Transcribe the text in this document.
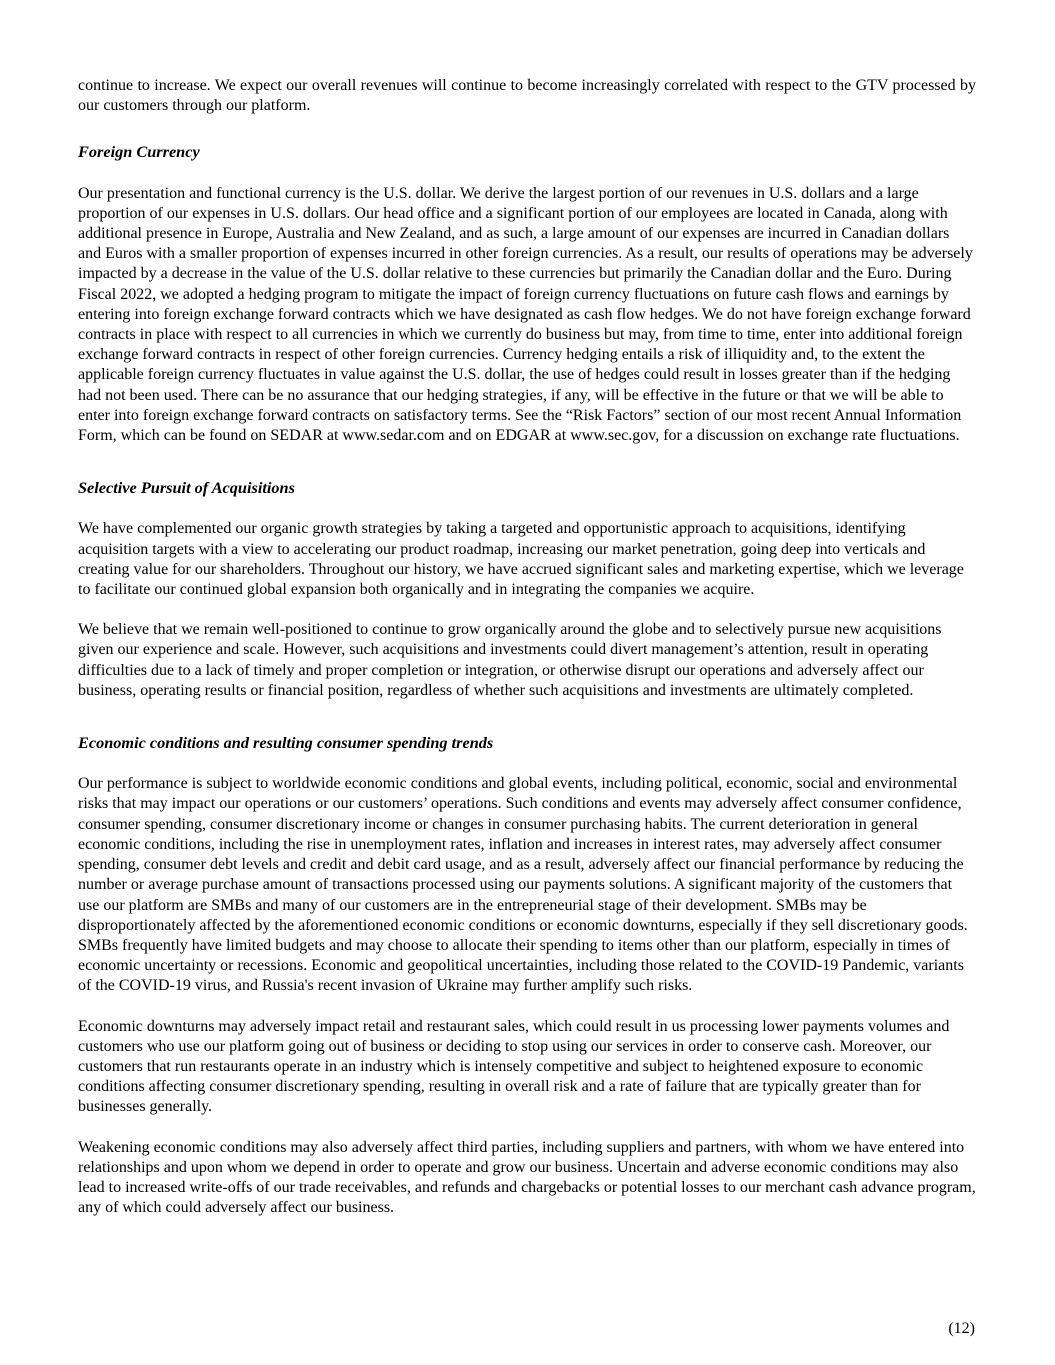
continue to increase. We expect our overall revenues will continue to become increasingly correlated with respect to the GTV processed by our customers through our platform.

Foreign Currency

Our presentation and functional currency is the U.S. dollar. We derive the largest portion of our revenues in U.S. dollars and a large proportion of our expenses in U.S. dollars. Our head office and a significant portion of our employees are located in Canada, along with additional presence in Europe, Australia and New Zealand, and as such, a large amount of our expenses are incurred in Canadian dollars and Euros with a smaller proportion of expenses incurred in other foreign currencies. As a result, our results of operations may be adversely impacted by a decrease in the value of the U.S. dollar relative to these currencies but primarily the Canadian dollar and the Euro. During Fiscal 2022, we adopted a hedging program to mitigate the impact of foreign currency fluctuations on future cash flows and earnings by entering into foreign exchange forward contracts which we have designated as cash flow hedges. We do not have foreign exchange forward contracts in place with respect to all currencies in which we currently do business but may, from time to time, enter into additional foreign exchange forward contracts in respect of other foreign currencies. Currency hedging entails a risk of illiquidity and, to the extent the applicable foreign currency fluctuates in value against the U.S. dollar, the use of hedges could result in losses greater than if the hedging had not been used. There can be no assurance that our hedging strategies, if any, will be effective in the future or that we will be able to enter into foreign exchange forward contracts on satisfactory terms. See the “Risk Factors” section of our most recent Annual Information Form, which can be found on SEDAR at www.sedar.com and on EDGAR at www.sec.gov, for a discussion on exchange rate fluctuations.

Selective Pursuit of Acquisitions

We have complemented our organic growth strategies by taking a targeted and opportunistic approach to acquisitions, identifying acquisition targets with a view to accelerating our product roadmap, increasing our market penetration, going deep into verticals and creating value for our shareholders. Throughout our history, we have accrued significant sales and marketing expertise, which we leverage to facilitate our continued global expansion both organically and in integrating the companies we acquire.

We believe that we remain well-positioned to continue to grow organically around the globe and to selectively pursue new acquisitions given our experience and scale. However, such acquisitions and investments could divert management’s attention, result in operating difficulties due to a lack of timely and proper completion or integration, or otherwise disrupt our operations and adversely affect our business, operating results or financial position, regardless of whether such acquisitions and investments are ultimately completed.

Economic conditions and resulting consumer spending trends

Our performance is subject to worldwide economic conditions and global events, including political, economic, social and environmental risks that may impact our operations or our customers’ operations. Such conditions and events may adversely affect consumer confidence, consumer spending, consumer discretionary income or changes in consumer purchasing habits. The current deterioration in general economic conditions, including the rise in unemployment rates, inflation and increases in interest rates, may adversely affect consumer spending, consumer debt levels and credit and debit card usage, and as a result, adversely affect our financial performance by reducing the number or average purchase amount of transactions processed using our payments solutions. A significant majority of the customers that use our platform are SMBs and many of our customers are in the entrepreneurial stage of their development. SMBs may be disproportionately affected by the aforementioned economic conditions or economic downturns, especially if they sell discretionary goods. SMBs frequently have limited budgets and may choose to allocate their spending to items other than our platform, especially in times of economic uncertainty or recessions. Economic and geopolitical uncertainties, including those related to the COVID-19 Pandemic, variants of the COVID-19 virus, and Russia's recent invasion of Ukraine may further amplify such risks.

Economic downturns may adversely impact retail and restaurant sales, which could result in us processing lower payments volumes and customers who use our platform going out of business or deciding to stop using our services in order to conserve cash. Moreover, our customers that run restaurants operate in an industry which is intensely competitive and subject to heightened exposure to economic conditions affecting consumer discretionary spending, resulting in overall risk and a rate of failure that are typically greater than for businesses generally.

Weakening economic conditions may also adversely affect third parties, including suppliers and partners, with whom we have entered into relationships and upon whom we depend in order to operate and grow our business. Uncertain and adverse economic conditions may also lead to increased write-offs of our trade receivables, and refunds and chargebacks or potential losses to our merchant cash advance program, any of which could adversely affect our business.

(12)
